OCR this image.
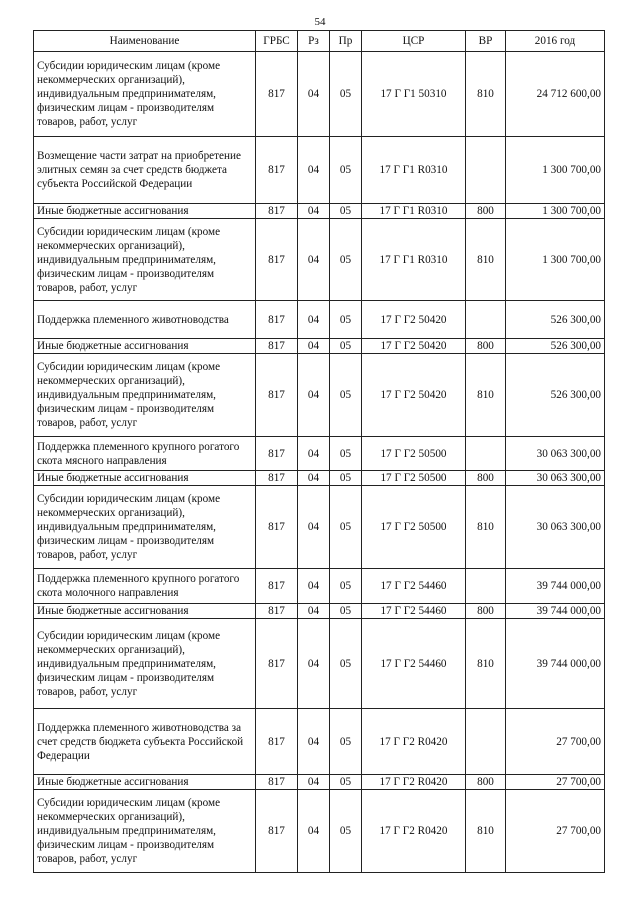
54
Наименование	ГРБС	Рз	Пр	ЦСР	ВР	2016 год
Субсидии юридическим лицам (кроме некоммерческих организаций), индивидуальным предпринимателям, физическим лицам - производителям товаров, работ, услуг	817	04	05	17 Г Г1 50310	810	24 712 600,00
Возмещение части затрат на приобретение элитных семян за счет средств бюджета субъекта Российской Федерации	817	04	05	17 Г Г1 R0310		1 300 700,00
Иные бюджетные ассигнования	817	04	05	17 Г Г1 R0310	800	1 300 700,00
Субсидии юридическим лицам (кроме некоммерческих организаций), индивидуальным предпринимателям, физическим лицам - производителям товаров, работ, услуг	817	04	05	17 Г Г1 R0310	810	1 300 700,00
Поддержка племенного животноводства	817	04	05	17 Г Г2 50420		526 300,00
Иные бюджетные ассигнования	817	04	05	17 Г Г2 50420	800	526 300,00
Субсидии юридическим лицам (кроме некоммерческих организаций), индивидуальным предпринимателям, физическим лицам - производителям товаров, работ, услуг	817	04	05	17 Г Г2 50420	810	526 300,00
Поддержка племенного крупного рогатого скота мясного направления	817	04	05	17 Г Г2 50500		30 063 300,00
Иные бюджетные ассигнования	817	04	05	17 Г Г2 50500	800	30 063 300,00
Субсидии юридическим лицам (кроме некоммерческих организаций), индивидуальным предпринимателям, физическим лицам - производителям товаров, работ, услуг	817	04	05	17 Г Г2 50500	810	30 063 300,00
Поддержка племенного крупного рогатого скота молочного направления	817	04	05	17 Г Г2 54460		39 744 000,00
Иные бюджетные ассигнования	817	04	05	17 Г Г2 54460	800	39 744 000,00
Субсидии юридическим лицам (кроме некоммерческих организаций), индивидуальным предпринимателям, физическим лицам - производителям товаров, работ, услуг	817	04	05	17 Г Г2 54460	810	39 744 000,00
Поддержка племенного животноводства за счет средств бюджета субъекта Российской Федерации	817	04	05	17 Г Г2 R0420		27 700,00
Иные бюджетные ассигнования	817	04	05	17 Г Г2 R0420	800	27 700,00
Субсидии юридическим лицам (кроме некоммерческих организаций), индивидуальным предпринимателям, физическим лицам - производителям товаров, работ, услуг	817	04	05	17 Г Г2 R0420	810	27 700,00
